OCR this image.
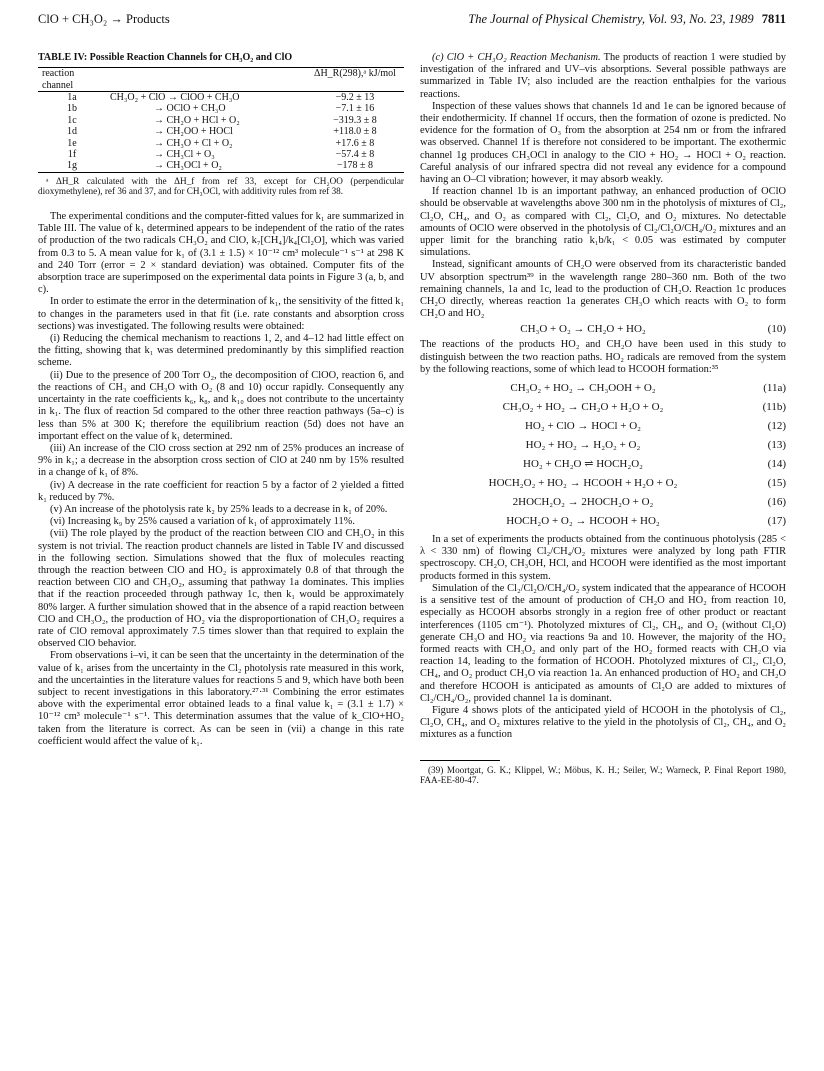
ClO + CH₃O₂ → Products	The Journal of Physical Chemistry, Vol. 93, No. 23, 1989 7811

TABLE IV: Possible Reaction Channels for CH₃O₂ and ClO

reaction channel		ΔH_R(298),ᵃ kJ/mol
1a	CH₃O₂ + ClO → ClOO + CH₃O	−9.2 ± 13
1b	→ OClO + CH₃O	−7.1 ± 16
1c	→ CH₂O + HCl + O₂	−319.3 ± 8
1d	→ CH₂OO + HOCl	+118.0 ± 8
1e	→ CH₃O + Cl + O₂	+17.6 ± 8
1f	→ CH₃Cl + O₃	−57.4 ± 8
1g	→ CH₃OCl + O₂	−178 ± 8

ᵃ ΔH_R calculated with the ΔH_f from ref 33, except for CH₂OO (perpendicular dioxymethylene), ref 36 and 37, and for CH₃OCl, with additivity rules from ref 38.

The experimental conditions and the computer-fitted values for k₁ are summarized in Table III. The value of k₁ determined appears to be independent of the ratio of the rates of production of the two radicals CH₃O₂ and ClO, k₇[CH₄]/k₄[Cl₂O], which was varied from 0.3 to 5. A mean value for k₁ of (3.1 ± 1.5) × 10⁻¹² cm³ molecule⁻¹ s⁻¹ at 298 K and 240 Torr (error = 2 × standard deviation) was obtained. Computer fits of the absorption trace are superimposed on the experimental data points in Figure 3 (a, b, and c).

In order to estimate the error in the determination of k₁, the sensitivity of the fitted k₁ to changes in the parameters used in that fit (i.e. rate constants and absorption cross sections) was investigated. The following results were obtained:

(i) Reducing the chemical mechanism to reactions 1, 2, and 4–12 had little effect on the fitting, showing that k₁ was determined predominantly by this simplified reaction scheme.

(ii) Due to the presence of 200 Torr O₂, the decomposition of ClOO, reaction 6, and the reactions of CH₃ and CH₃O with O₂ (8 and 10) occur rapidly. Consequently any uncertainty in the rate coefficients k₆, k₈, and k₁₀ does not contribute to the uncertainty in k₁. The flux of reaction 5d compared to the other three reaction pathways (5a–c) is less than 5% at 300 K; therefore the equilibrium reaction (5d) does not have an important effect on the value of k₁ determined.

(iii) An increase of the ClO cross section at 292 nm of 25% produces an increase of 9% in k₁; a decrease in the absorption cross section of ClO at 240 nm by 15% resulted in a change of k₁ of 8%.

(iv) A decrease in the rate coefficient for reaction 5 by a factor of 2 yielded a fitted k₁ reduced by 7%.

(v) An increase of the photolysis rate k₂ by 25% leads to a decrease in k₁ of 20%.

(vi) Increasing k₉ by 25% caused a variation of k₁ of approximately 11%.

(vii) The role played by the product of the reaction between ClO and CH₃O₂ in this system is not trivial. The reaction product channels are listed in Table IV and discussed in the following section. Simulations showed that the flux of molecules reacting through the reaction between ClO and HO₂ is approximately 0.8 of that through the reaction between ClO and CH₃O₂, assuming that pathway 1a dominates. This implies that if the reaction proceeded through pathway 1c, then k₁ would be approximately 80% larger. A further simulation showed that in the absence of a rapid reaction between ClO and CH₃O₂, the production of HO₂ via the disproportionation of CH₃O₂ requires a rate of ClO removal approximately 7.5 times slower than that required to explain the observed ClO behavior.

From observations i–vi, it can be seen that the uncertainty in the determination of the value of k₁ arises from the uncertainty in the Cl₂ photolysis rate measured in this work, and the uncertainties in the literature values for reactions 5 and 9, which have both been subject to recent investigations in this laboratory.²⁷·³¹ Combining the error estimates above with the experimental error obtained leads to a final value k₁ = (3.1 ± 1.7) × 10⁻¹² cm³ molecule⁻¹ s⁻¹. This determination assumes that the value of k_ClO+HO₂ taken from the literature is correct. As can be seen in (vii) a change in this rate coefficient would affect the value of k₁.

(c) ClO + CH₃O₂ Reaction Mechanism. The products of reaction 1 were studied by investigation of the infrared and UV–vis absorptions. Several possible pathways are summarized in Table IV; also included are the reaction enthalpies for the various reactions.

Inspection of these values shows that channels 1d and 1e can be ignored because of their endothermicity. If channel 1f occurs, then the formation of ozone is predicted. No evidence for the formation of O₃ from the absorption at 254 nm or from the infrared was observed. Channel 1f is therefore not considered to be important. The exothermic channel 1g produces CH₃OCl in analogy to the ClO + HO₂ → HOCl + O₂ reaction. Careful analysis of our infrared spectra did not reveal any evidence for a compound having an O–Cl vibration; however, it may absorb weakly.

If reaction channel 1b is an important pathway, an enhanced production of OClO should be observable at wavelengths above 300 nm in the photolysis of mixtures of Cl₂, Cl₂O, CH₄, and O₂ as compared with Cl₂, Cl₂O, and O₂ mixtures. No detectable amounts of OClO were observed in the photolysis of Cl₂/Cl₂O/CH₄/O₂ mixtures and an upper limit for the branching ratio k₁b/k₁ < 0.05 was estimated by computer simulations.

Instead, significant amounts of CH₂O were observed from its characteristic banded UV absorption spectrum³⁹ in the wavelength range 280–360 nm. Both of the two remaining channels, 1a and 1c, lead to the production of CH₂O. Reaction 1c produces CH₂O directly, whereas reaction 1a generates CH₃O which reacts with O₂ to form CH₂O and HO₂

CH₃O + O₂ → CH₂O + HO₂	(10)

The reactions of the products HO₂ and CH₂O have been used in this study to distinguish between the two reaction paths. HO₂ radicals are removed from the system by the following reactions, some of which lead to HCOOH formation:³⁵

CH₃O₂ + HO₂ → CH₃OOH + O₂	(11a)
CH₃O₂ + HO₂ → CH₂O + H₂O + O₂	(11b)
HO₂ + ClO → HOCl + O₂	(12)
HO₂ + HO₂ → H₂O₂ + O₂	(13)
HO₂ + CH₂O ⇌ HOCH₂O₂	(14)
HOCH₂O₂ + HO₂ → HCOOH + H₂O + O₂	(15)
2HOCH₂O₂ → 2HOCH₂O + O₂	(16)
HOCH₂O + O₂ → HCOOH + HO₂	(17)

In a set of experiments the products obtained from the continuous photolysis (285 < λ < 330 nm) of flowing Cl₂/CH₄/O₂ mixtures were analyzed by long path FTIR spectroscopy. CH₂O, CH₃OH, HCl, and HCOOH were identified as the most important products formed in this system.

Simulation of the Cl₂/Cl₂O/CH₄/O₂ system indicated that the appearance of HCOOH is a sensitive test of the amount of production of CH₂O and HO₂ from reaction 10, especially as HCOOH absorbs strongly in a region free of other product or reactant interferences (1105 cm⁻¹). Photolyzed mixtures of Cl₂, CH₄, and O₂ (without Cl₂O) generate CH₃O and HO₂ via reactions 9a and 10. However, the majority of the HO₂ formed reacts with CH₃O₂ and only part of the HO₂ formed reacts with CH₂O via reaction 14, leading to the formation of HCOOH. Photolyzed mixtures of Cl₂, Cl₂O, CH₄, and O₂ product CH₃O via reaction 1a. An enhanced production of HO₂ and CH₂O and therefore HCOOH is anticipated as amounts of Cl₂O are added to mixtures of Cl₂/CH₄/O₂, provided channel 1a is dominant.

Figure 4 shows plots of the anticipated yield of HCOOH in the photolysis of Cl₂, Cl₂O, CH₄, and O₂ mixtures relative to the yield in the photolysis of Cl₂, CH₄, and O₂ mixtures as a function

(39) Moortgat, G. K.; Klippel, W.; Möbus, K. H.; Seiler, W.; Warneck, P. Final Report 1980, FAA-EE-80-47.
